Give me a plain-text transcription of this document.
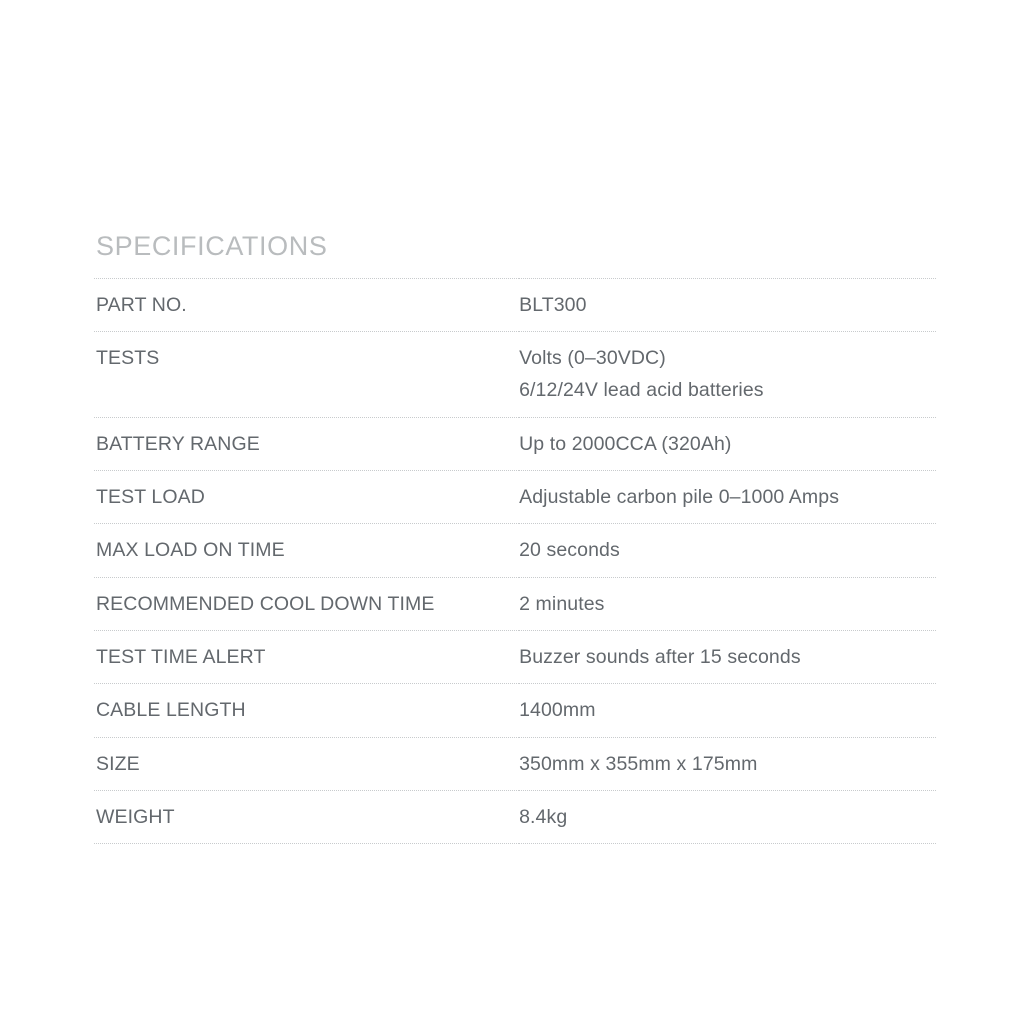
SPECIFICATIONS
PART NO.	BLT300

TESTS	Volts (0–30VDC)
6/12/24V lead acid batteries

BATTERY RANGE	Up to 2000CCA (320Ah)

TEST LOAD	Adjustable carbon pile 0–1000 Amps

MAX LOAD ON TIME	20 seconds

RECOMMENDED COOL DOWN TIME	2 minutes

TEST TIME ALERT	Buzzer sounds after 15 seconds

CABLE LENGTH	1400mm

SIZE	350mm x 355mm x 175mm

WEIGHT	8.4kg
